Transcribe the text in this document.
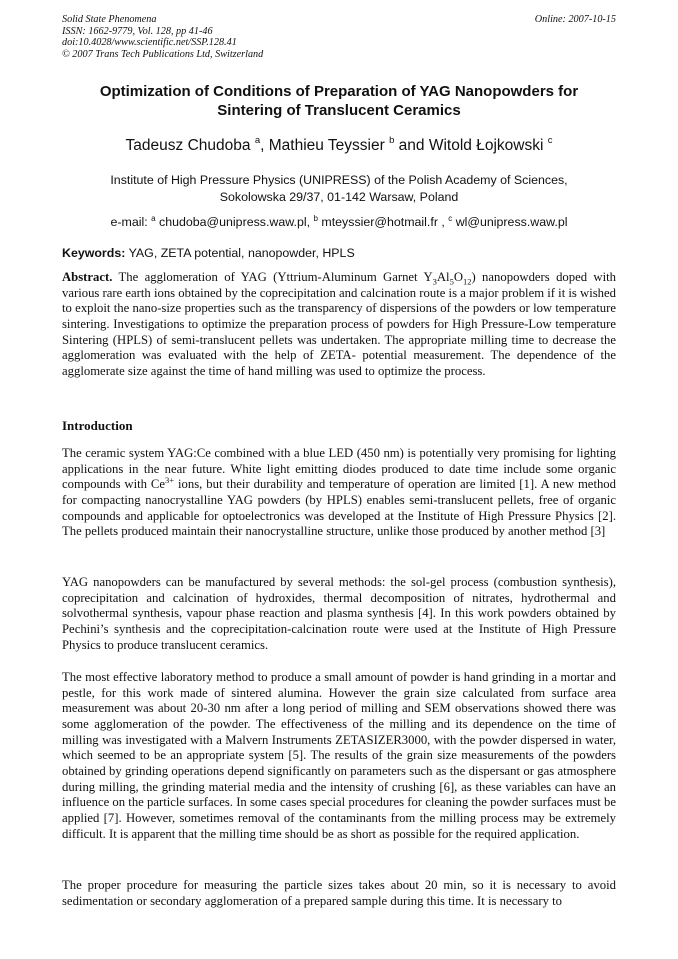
Solid State Phenomena
ISSN: 1662-9779, Vol. 128, pp 41-46
doi:10.4028/www.scientific.net/SSP.128.41
© 2007 Trans Tech Publications Ltd, Switzerland
Online: 2007-10-15
Optimization of Conditions of Preparation of YAG Nanopowders for
Sintering of Translucent Ceramics
Tadeusz Chudoba $^a$, Mathieu Teyssier $^b$ and Witold Łojkowski $^c$
Institute of High Pressure Physics (UNIPRESS) of the Polish Academy of Sciences,
Sokolowska 29/37, 01-142 Warsaw, Poland
e-mail: $^a$ chudoba@unipress.waw.pl, $^b$ mteyssier@hotmail.fr , $^c$ wl@unipress.waw.pl
Keywords: YAG, ZETA potential, nanopowder, HPLS
Abstract. The agglomeration of YAG (Yttrium-Aluminum Garnet $Y_3Al_5O_{12}$) nanopowders doped with various rare earth ions obtained by the coprecipitation and calcination route is a major problem if it is wished to exploit the nano-size properties such as the transparency of dispersions of the powders or low temperature sintering. Investigations to optimize the preparation process of powders for High Pressure-Low temperature Sintering (HPLS) of semi-translucent pellets was undertaken. The appropriate milling time to decrease the agglomeration was evaluated with the help of ZETA- potential measurement. The dependence of the agglomerate size against the time of hand milling was used to optimize the process.
Introduction
The ceramic system YAG:Ce combined with a blue LED (450 nm) is potentially very promising for lighting applications in the near future. White light emitting diodes produced to date time include some organic compounds with $Ce^{3+}$ ions, but their durability and temperature of operation are limited [1]. A new method for compacting nanocrystalline YAG powders (by HPLS) enables semi-translucent pellets, free of organic compounds and applicable for optoelectronics was developed at the Institute of High Pressure Physics [2]. The pellets produced maintain their nanocrystalline structure, unlike those produced by another method [3]
YAG nanopowders can be manufactured by several methods: the sol-gel process (combustion synthesis), coprecipitation and calcination of hydroxides, thermal decomposition of nitrates, hydrothermal and solvothermal synthesis, vapour phase reaction and plasma synthesis [4]. In this work powders obtained by Pechini’s synthesis and the coprecipitation-calcination route were used at the Institute of High Pressure Physics to produce translucent ceramics.
The most effective laboratory method to produce a small amount of powder is hand grinding in a mortar and pestle, for this work made of sintered alumina. However the grain size calculated from surface area measurement was about 20-30 nm after a long period of milling and SEM observations showed there was some agglomeration of the powder. The effectiveness of the milling and its dependence on the time of milling was investigated with a Malvern Instruments ZETASIZER3000, with the powder dispersed in water, which seemed to be an appropriate system [5]. The results of the grain size measurements of the powders obtained by grinding operations depend significantly on parameters such as the dispersant or gas atmosphere during milling, the grinding material media and the intensity of crushing [6], as these variables can have an influence on the particle surfaces. In some cases special procedures for cleaning the powder surfaces must be applied [7]. However, sometimes removal of the contaminants from the milling process may be extremely difficult. It is apparent that the milling time should be as short as possible for the required application.
The proper procedure for measuring the particle sizes takes about 20 min, so it is necessary to avoid sedimentation or secondary agglomeration of a prepared sample during this time. It is necessary to
